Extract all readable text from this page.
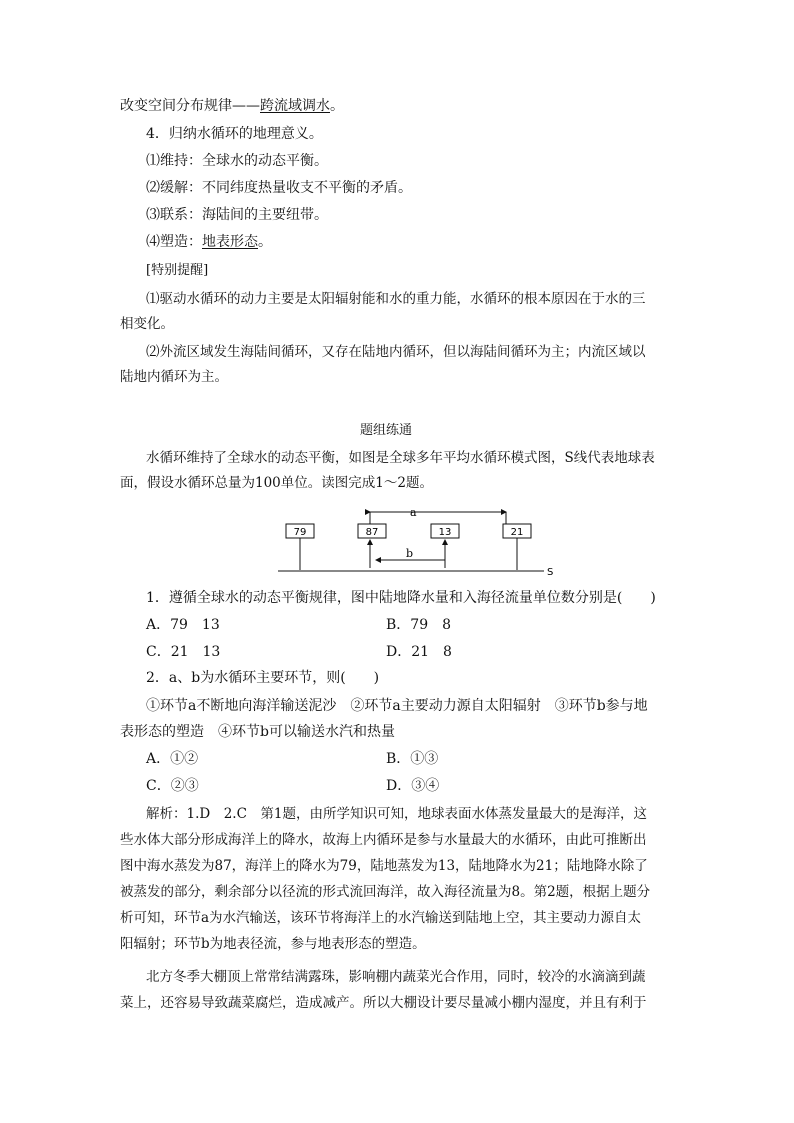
改变空间分布规律——跨流域调水。
4．归纳水循环的地理意义。
⑴维持：全球水的动态平衡。
⑵缓解：不同纬度热量收支不平衡的矛盾。
⑶联系：海陆间的主要纽带。
⑷塑造：地表形态。
[特别提醒]
⑴驱动水循环的动力主要是太阳辐射能和水的重力能，水循环的根本原因在于水的三
相变化。
⑵外流区域发生海陆间循环，又存在陆地内循环，但以海陆间循环为主；内流区域以
陆地内循环为主。
题组练通
水循环维持了全球水的动态平衡，如图是全球多年平均水循环模式图，S线代表地球表
面，假设水循环总量为100单位。读图完成1～2题。
a
79	87	13	21
b
S
1．遵循全球水的动态平衡规律，图中陆地降水量和入海径流量单位数分别是(　　)
A．79　13	B．79　8
C．21　13	D．21　8
2．a、b为水循环主要环节，则(　　)
①环节a不断地向海洋输送泥沙　②环节a主要动力源自太阳辐射　③环节b参与地
表形态的塑造　④环节b可以输送水汽和热量
A．①②	B．①③
C．②③	D．③④
解析：1.D　2.C　第1题，由所学知识可知，地球表面水体蒸发量最大的是海洋，这
些水体大部分形成海洋上的降水，故海上内循环是参与水量最大的水循环，由此可推断出
图中海水蒸发为87，海洋上的降水为79，陆地蒸发为13，陆地降水为21；陆地降水除了
被蒸发的部分，剩余部分以径流的形式流回海洋，故入海径流量为8。第2题，根据上题分
析可知，环节a为水汽输送，该环节将海洋上的水汽输送到陆地上空，其主要动力源自太
阳辐射；环节b为地表径流，参与地表形态的塑造。
北方冬季大棚顶上常常结满露珠，影响棚内蔬菜光合作用，同时，较冷的水滴滴到蔬
菜上，还容易导致蔬菜腐烂，造成减产。所以大棚设计要尽量减小棚内湿度，并且有利于
